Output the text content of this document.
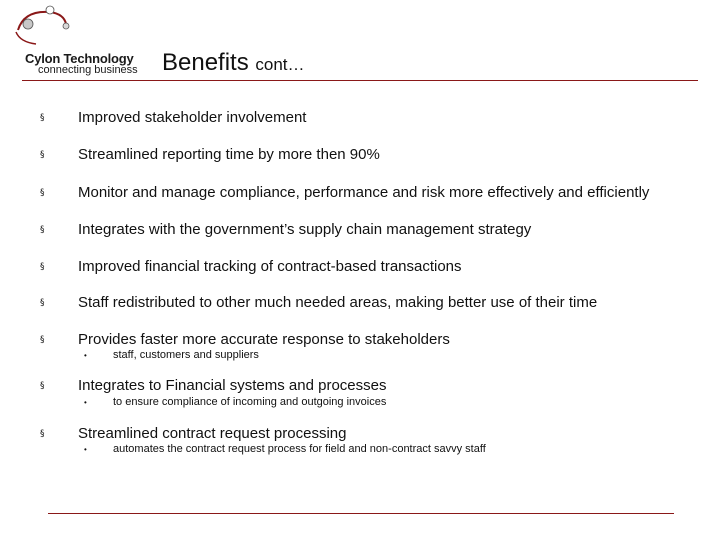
Cylon Technology
connecting business Benefits cont…
§ Improved stakeholder involvement
§ Streamlined reporting time by more then 90%
§ Monitor and manage compliance, performance and risk more effectively and efficiently
§ Integrates with the government’s supply chain management strategy
§ Improved financial tracking of contract-based transactions
§ Staff redistributed to other much needed areas, making better use of their time
§ Provides faster more accurate response to stakeholders
• staff, customers and suppliers
§ Integrates to Financial systems and processes
• to ensure compliance of incoming and outgoing invoices
§ Streamlined contract request processing
• automates the contract request process for field and non-contract savvy staff
